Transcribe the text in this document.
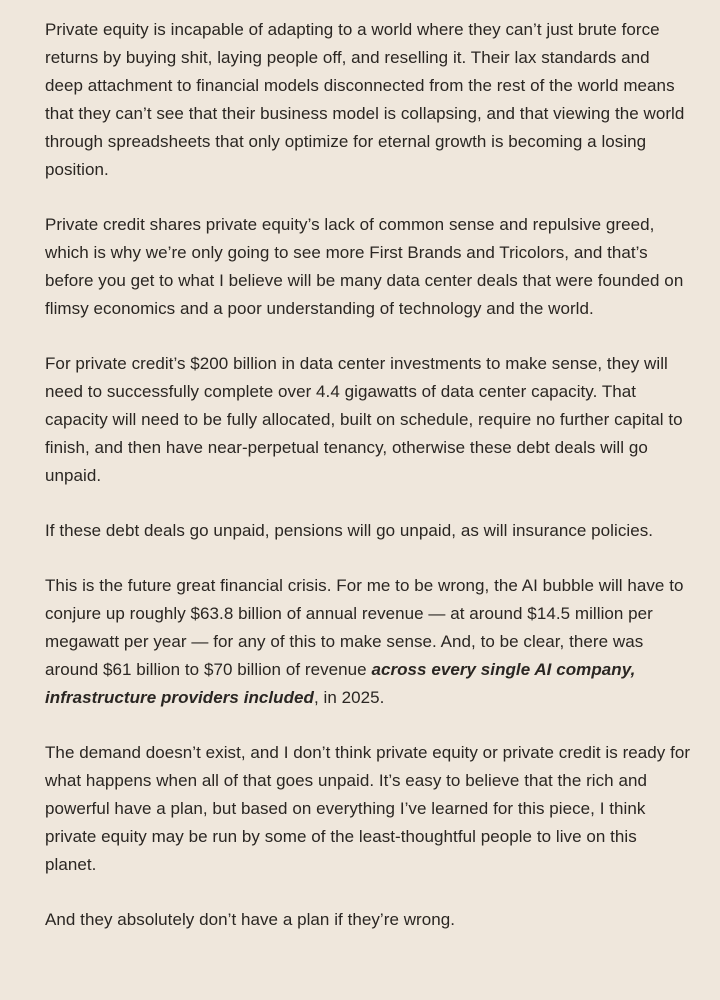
Private equity is incapable of adapting to a world where they can’t just brute force returns by buying shit, laying people off, and reselling it. Their lax standards and deep attachment to financial models disconnected from the rest of the world means that they can’t see that their business model is collapsing, and that viewing the world through spreadsheets that only optimize for eternal growth is becoming a losing position.

Private credit shares private equity’s lack of common sense and repulsive greed, which is why we’re only going to see more First Brands and Tricolors, and that’s before you get to what I believe will be many data center deals that were founded on flimsy economics and a poor understanding of technology and the world.

For private credit’s $200 billion in data center investments to make sense, they will need to successfully complete over 4.4 gigawatts of data center capacity. That capacity will need to be fully allocated, built on schedule, require no further capital to finish, and then have near-perpetual tenancy, otherwise these debt deals will go unpaid.

If these debt deals go unpaid, pensions will go unpaid, as will insurance policies.

This is the future great financial crisis. For me to be wrong, the AI bubble will have to conjure up roughly $63.8 billion of annual revenue — at around $14.5 million per megawatt per year — for any of this to make sense. And, to be clear, there was around $61 billion to $70 billion of revenue across every single AI company, infrastructure providers included, in 2025.

The demand doesn’t exist, and I don’t think private equity or private credit is ready for what happens when all of that goes unpaid. It’s easy to believe that the rich and powerful have a plan, but based on everything I’ve learned for this piece, I think private equity may be run by some of the least-thoughtful people to live on this planet.

And they absolutely don’t have a plan if they’re wrong.
